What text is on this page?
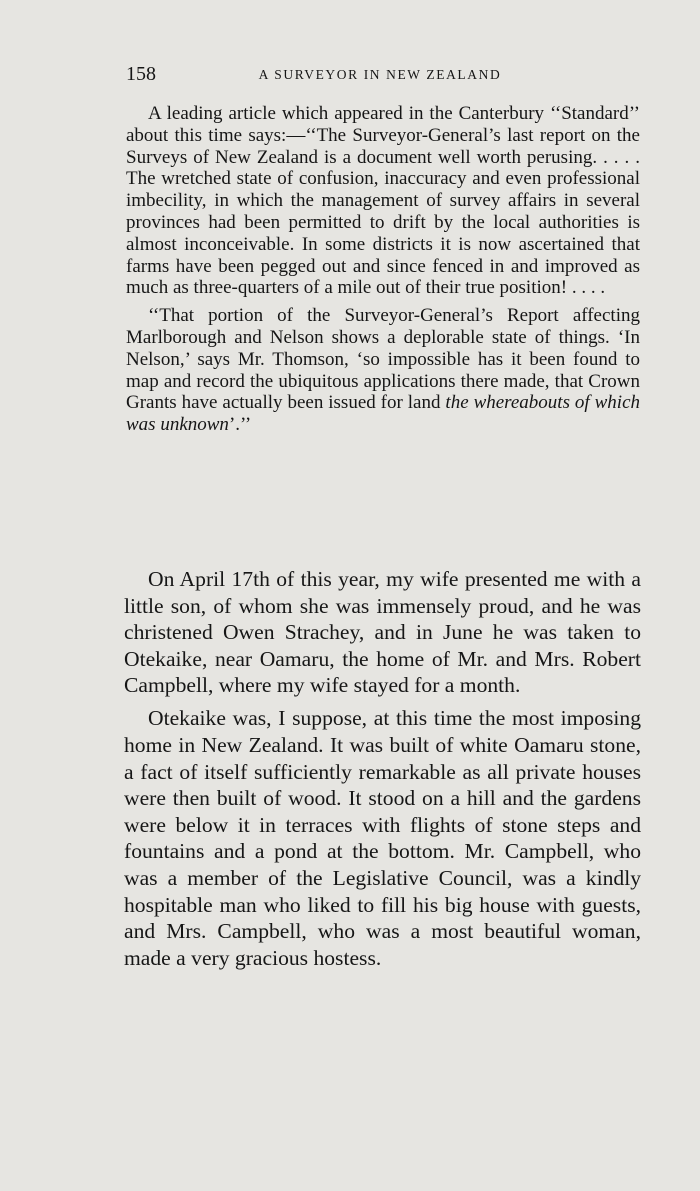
158	A SURVEYOR IN NEW ZEALAND

A leading article which appeared in the Canterbury ‘‘Standard’’ about this time says:—‘‘The Surveyor-General’s last report on the Surveys of New Zealand is a document well worth perusing. . . . . The wretched state of confusion, inaccuracy and even professional imbecility, in which the management of survey affairs in several provinces had been permitted to drift by the local authorities is almost inconceivable. In some districts it is now ascertained that farms have been pegged out and since fenced in and improved as much as three-quarters of a mile out of their true position! . . . .

‘‘That portion of the Surveyor-General’s Report affecting Marlborough and Nelson shows a deplorable state of things. ‘In Nelson,’ says Mr. Thomson, ‘so impossible has it been found to map and record the ubiquitous applications there made, that Crown Grants have actually been issued for land the whereabouts of which was unknown’.’’

On April 17th of this year, my wife presented me with a little son, of whom she was immensely proud, and he was christened Owen Strachey, and in June he was taken to Otekaike, near Oamaru, the home of Mr. and Mrs. Robert Campbell, where my wife stayed for a month.

Otekaike was, I suppose, at this time the most imposing home in New Zealand. It was built of white Oamaru stone, a fact of itself sufficiently remarkable as all private houses were then built of wood. It stood on a hill and the gardens were below it in terraces with flights of stone steps and fountains and a pond at the bottom. Mr. Campbell, who was a member of the Legislative Council, was a kindly hospitable man who liked to fill his big house with guests, and Mrs. Campbell, who was a most beautiful woman, made a very gracious hostess.
